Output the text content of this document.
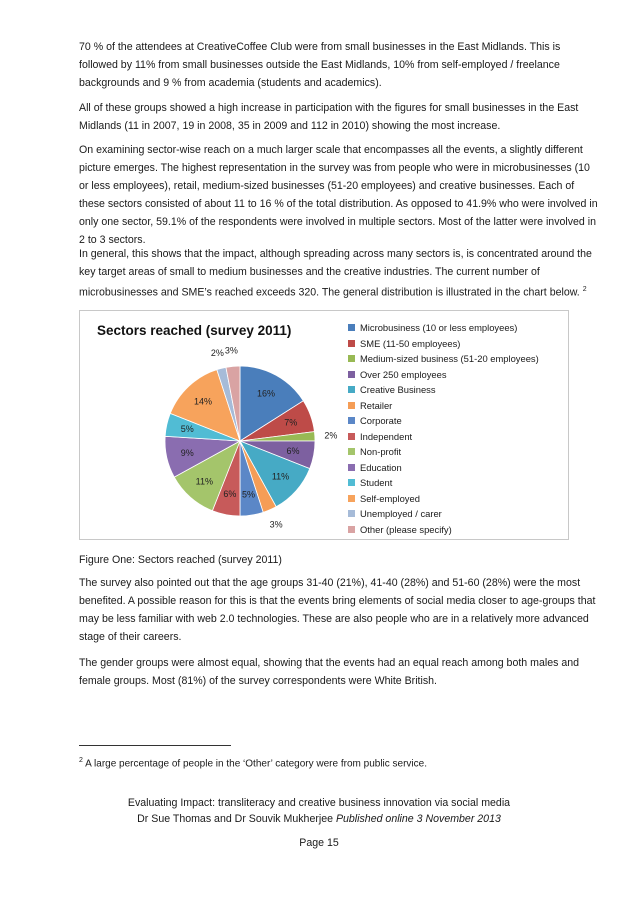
70 % of the attendees at CreativeCoffee Club were from small businesses in the East Midlands. This is followed by 11% from small businesses outside the East Midlands, 10% from self-employed / freelance backgrounds and 9 % from academia (students and academics).

All of these groups showed a high increase in participation with the figures for small businesses in the East Midlands (11 in 2007, 19 in 2008, 35 in 2009 and 112 in 2010) showing the most increase.

On examining sector-wise reach on a much larger scale that encompasses all the events, a slightly different picture emerges. The highest representation in the survey was from people who were in microbusinesses (10 or less employees), retail, medium-sized businesses (51-20 employees) and creative businesses. Each of these sectors consisted of about 11 to 16 % of the total distribution. As opposed to 41.9% who were involved in only one sector, 59.1% of the respondents were involved in multiple sectors. Most of the latter were involved in 2 to 3 sectors.

In general, this shows that the impact, although spreading across many sectors is, is concentrated around the key target areas of small to medium businesses and the creative industries. The current number of microbusinesses and SME’s reached exceeds 320. The general distribution is illustrated in the chart below. $^2$

Sectors reached (survey 2011)
16%
7%
2%
6%
11%
3%
5%
6%
11%
9%
5%
14%
2% 3%
Microbusiness (10 or less employees)
SME (11-50 employees)
Medium-sized business (51-20 employees)
Over 250 employees
Creative Business
Retailer
Corporate
Independent
Non-profit
Education
Student
Self-employed
Unemployed / carer
Other (please specify)
Figure One: Sectors reached (survey 2011)

The survey also pointed out that the age groups 31-40 (21%), 41-40 (28%) and 51-60 (28%) were the most benefited. A possible reason for this is that the events bring elements of social media closer to age-groups that may be less familiar with web 2.0 technologies. These are also people who are in a relatively more advanced stage of their careers.

The gender groups were almost equal, showing that the events had an equal reach among both males and female groups. Most (81%) of the survey correspondents were White British.

$^2$ A large percentage of people in the ‘Other’ category were from public service.
Evaluating Impact: transliteracy and creative business innovation via social media
Dr Sue Thomas and Dr Souvik Mukherjee Published online 3 November 2013
Page 15
